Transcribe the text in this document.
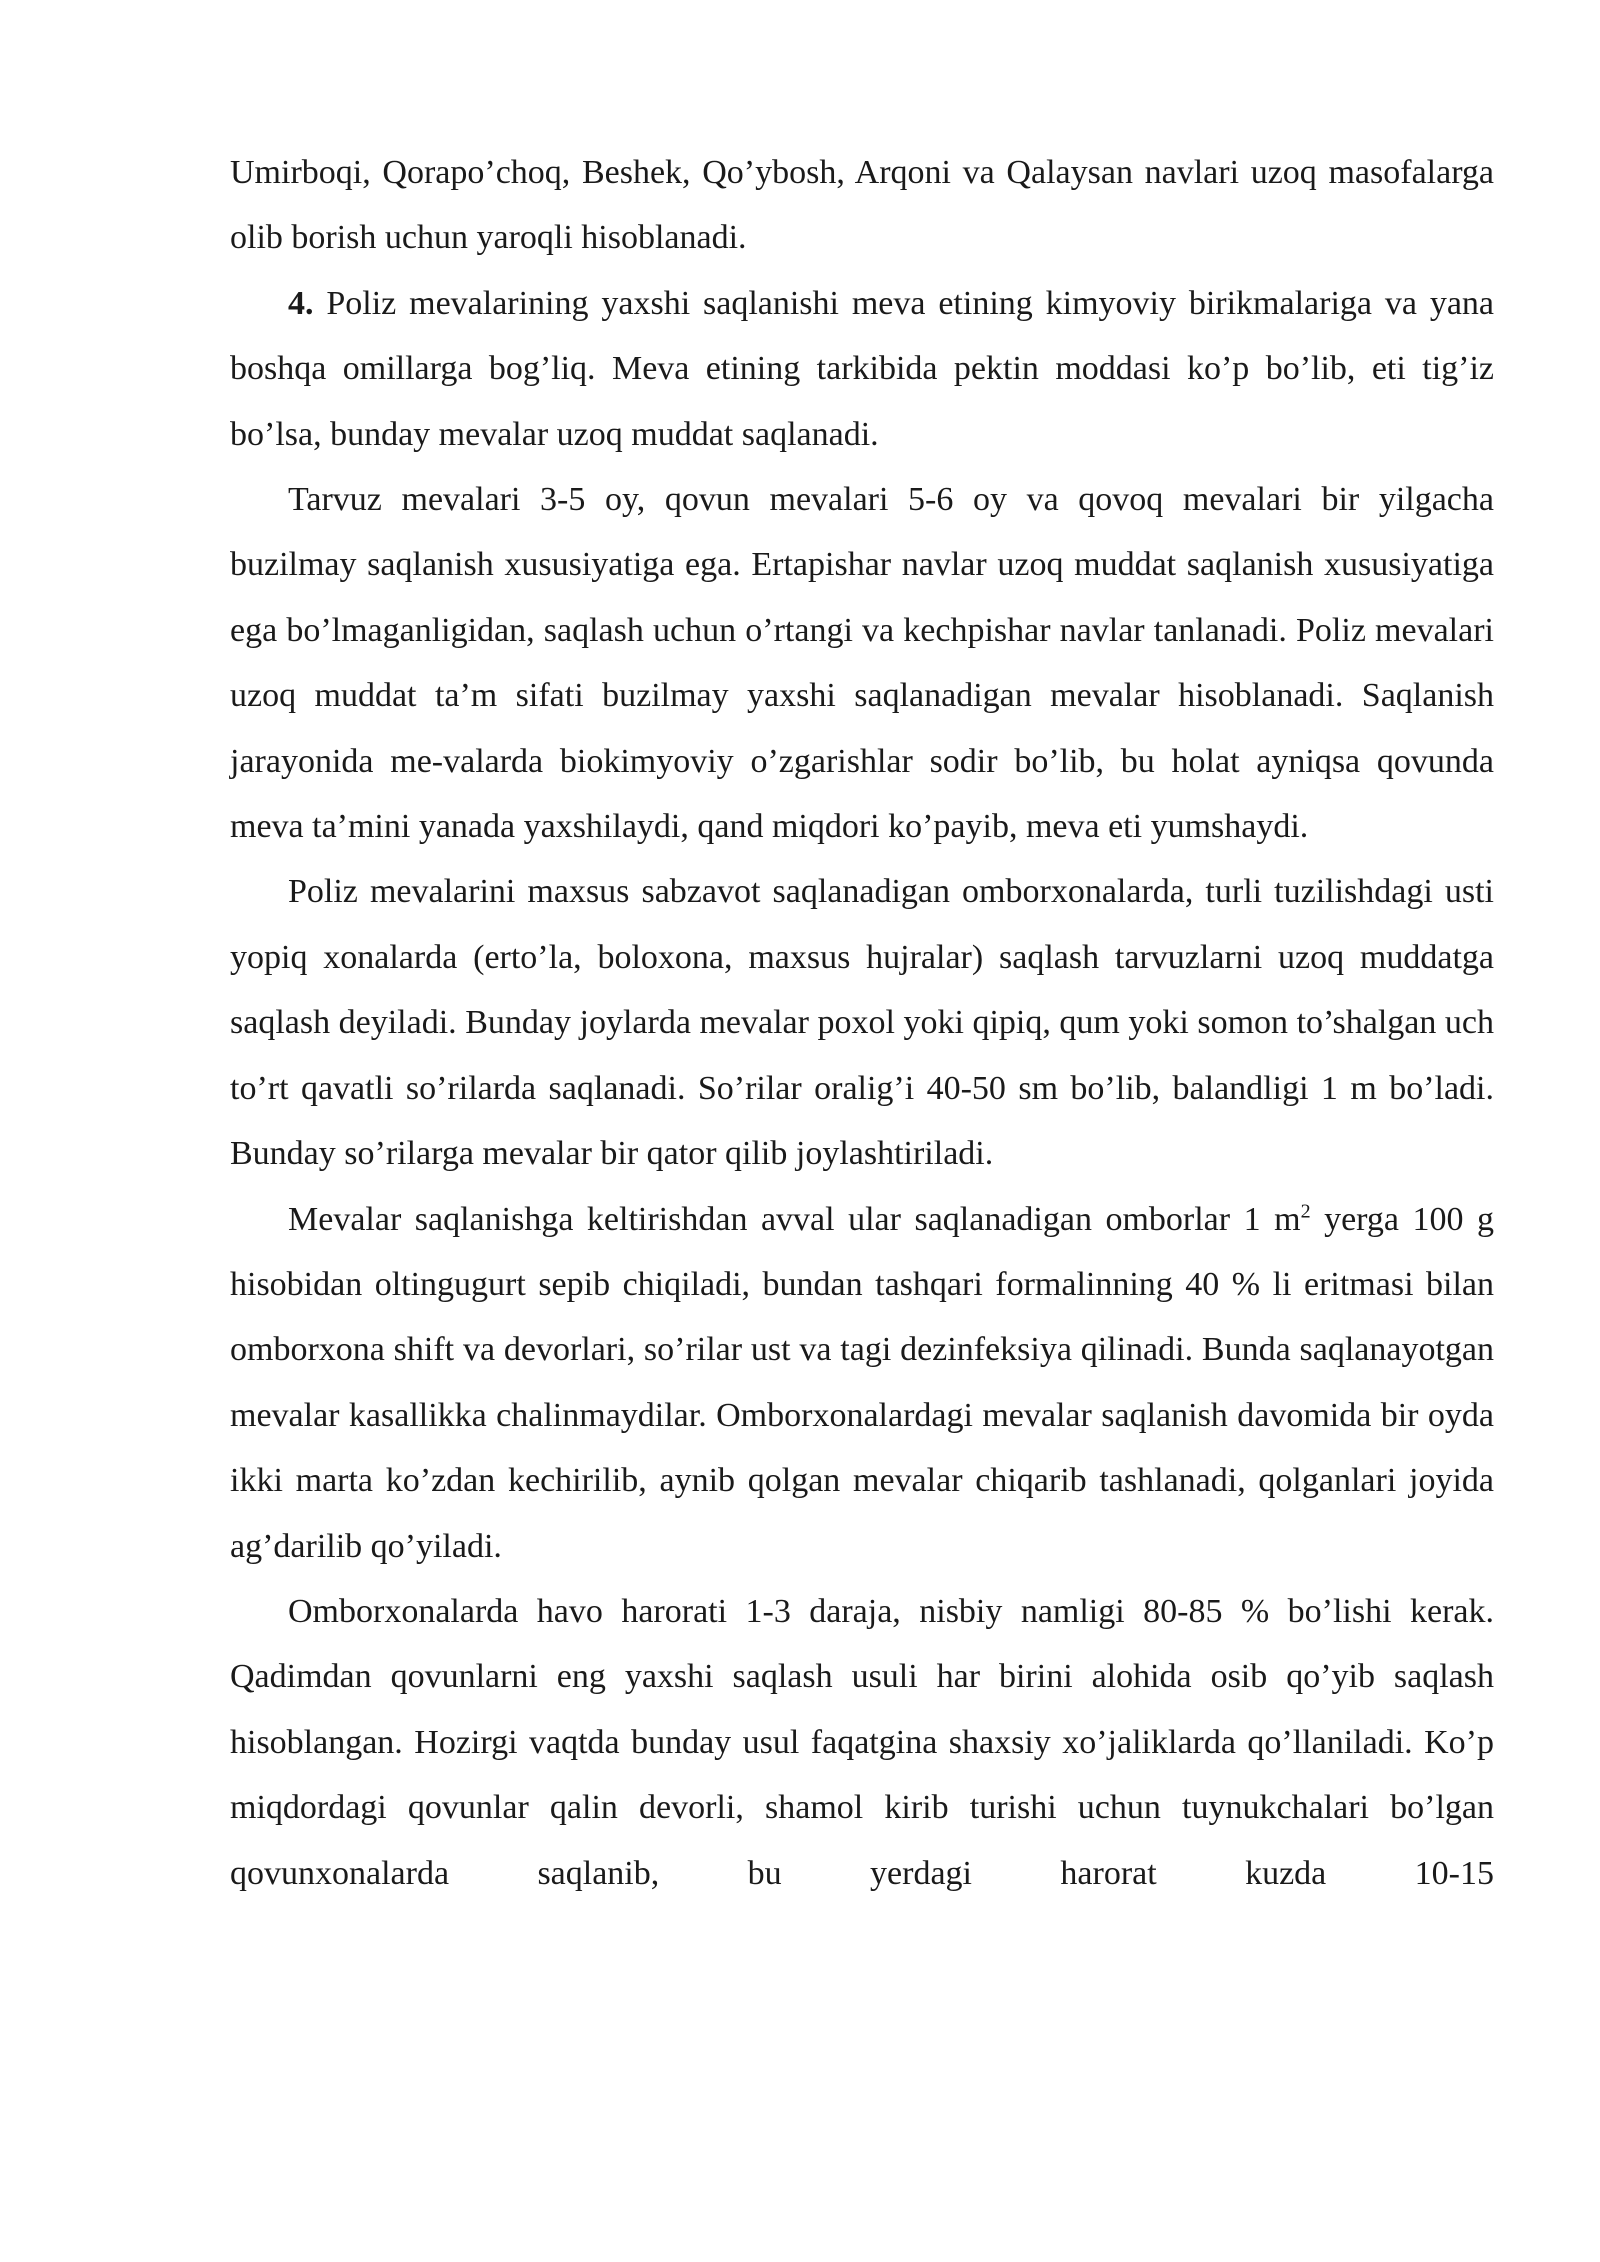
Umirboqi, Qorapo’choq, Beshek, Qo’ybosh, Arqoni va Qalaysan navlari uzoq masofalarga olib borish uchun yaroqli hisoblanadi.

4. Poliz mevalarining yaxshi saqlanishi meva etining kimyoviy birikmalariga va yana boshqa omillarga bog’liq. Meva etining tarkibida pektin moddasi ko’p bo’lib, eti tig’iz bo’lsa, bunday mevalar uzoq muddat saqlanadi.

Tarvuz mevalari 3-5 oy, qovun mevalari 5-6 oy va qovoq mevalari bir yilgacha buzilmay saqlanish xususiyatiga ega. Ertapishar navlar uzoq muddat saqlanish xususiyatiga ega bo’lmaganligidan, saqlash uchun o’rtangi va kechpishar navlar tanlanadi. Poliz mevalari uzoq muddat ta’m sifati buzilmay yaxshi saqlanadigan mevalar hisoblanadi. Saqlanish jarayonida me-valarda biokimyoviy o’zgarishlar sodir bo’lib, bu holat ayniqsa qovunda meva ta’mini yanada yaxshilaydi, qand miqdori ko’payib, meva eti yumshaydi.

Poliz mevalarini maxsus sabzavot saqlanadigan omborxonalarda, turli tuzilishdagi usti yopiq xonalarda (erto’la, boloxona, maxsus hujralar) saqlash tarvuzlarni uzoq muddatga saqlash deyiladi. Bunday joylarda mevalar poxol yoki qipiq, qum yoki somon to’shalgan uch to’rt qavatli so’rilarda saqlanadi. So’rilar oralig’i 40-50 sm bo’lib, balandligi 1 m bo’ladi. Bunday so’rilarga mevalar bir qator qilib joylashtiriladi.

Mevalar saqlanishga keltirishdan avval ular saqlanadigan omborlar 1 $m^2$ yerga 100 g hisobidan oltingugurt sepib chiqiladi, bundan tashqari formalinning 40 % li eritmasi bilan omborxona shift va devorlari, so’rilar ust va tagi dezinfeksiya qilinadi. Bunda saqlanayotgan mevalar kasallikka chalinmaydilar. Omborxonalardagi mevalar saqlanish davomida bir oyda ikki marta ko’zdan kechirilib, aynib qolgan mevalar chiqarib tashlanadi, qolganlari joyida ag’darilib qo’yiladi.

Omborxonalarda havo harorati 1-3 daraja, nisbiy namligi 80-85 % bo’lishi kerak. Qadimdan qovunlarni eng yaxshi saqlash usuli har birini alohida osib qo’yib saqlash hisoblangan. Hozirgi vaqtda bunday usul faqatgina shaxsiy xo’jaliklarda qo’llaniladi. Ko’p miqdordagi qovunlar qalin devorli, shamol kirib turishi uchun tuynukchalari bo’lgan qovunxonalarda saqlanib, bu yerdagi harorat kuzda 10-15
